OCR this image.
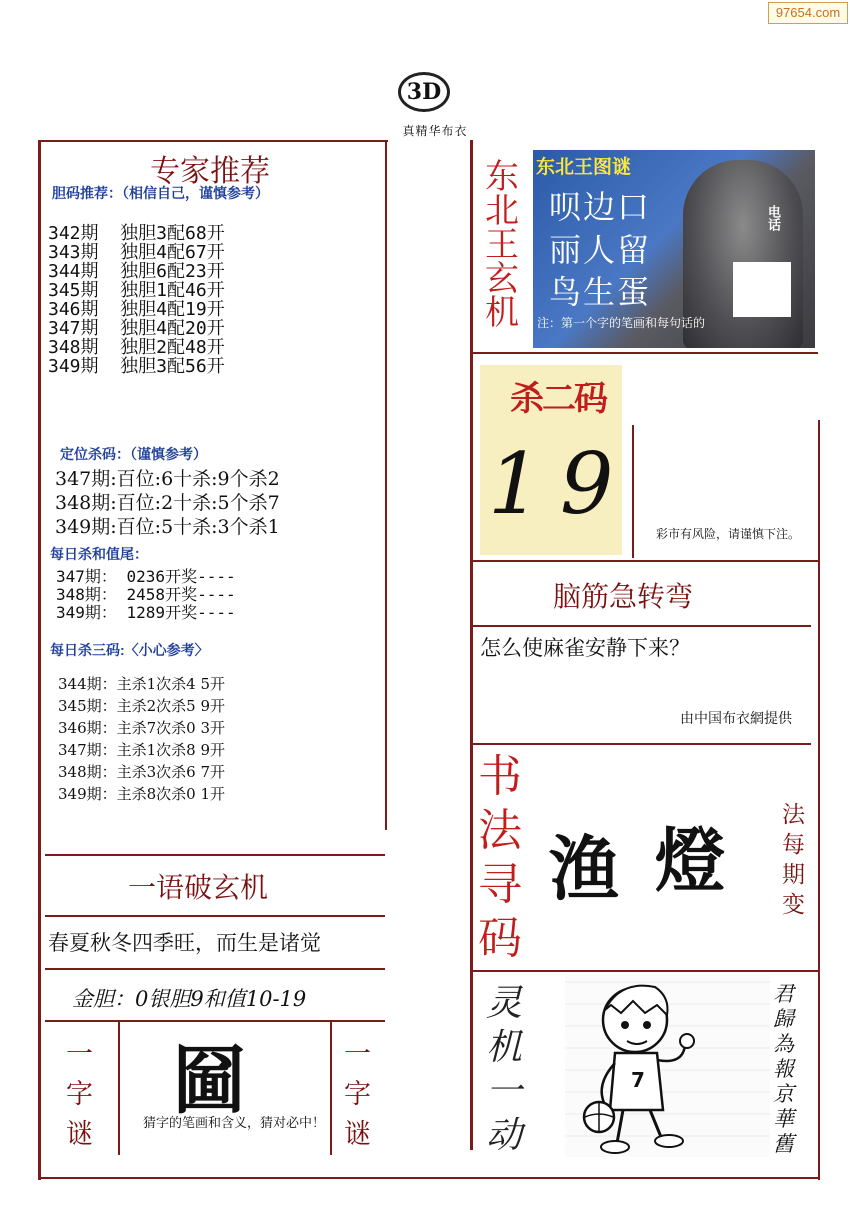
97654.com
3D
真精华布衣
专家推荐
胆码推荐：（相信自己，谨慎参考）
342期  独胆3配68开
343期  独胆4配67开
344期  独胆6配23开
345期  独胆1配46开
346期  独胆4配19开
347期  独胆4配20开
348期  独胆2配48开
349期  独胆3配56开
定位杀码：（谨慎参考）
347期:百位:6十杀:9个杀2
348期:百位:2十杀:5个杀7
349期:百位:5十杀:3个杀1
每日杀和值尾：
347期： 0236开奖----
348期： 2458开奖----
349期： 1289开奖----
每日杀三码:〈小心参考〉
344期：主杀1次杀4 5开
345期：主杀2次杀5 9开
346期：主杀7次杀0 3开
347期：主杀1次杀8 9开
348期：主杀3次杀6 7开
349期：主杀8次杀0 1开
一语破玄机
春夏秋冬四季旺，而生是诸觉
金胆：0银胆9和值10-19
一
字
谜
圙
猜字的笔画和含义，猜对必中！
一
字
谜
东
北
王
玄
机
东北王图谜
呗边口
丽人留
鸟生蛋
电话
注：第一个字的笔画和每句话的
杀二码
1 9
彩市有风险，请谨慎下注。
脑筋急转弯
怎么使麻雀安静下来？
由中国布衣網提供
书
法
寻
码
渔 燈
法
每
期
变
灵
机
一
动
7
君
歸
為
報
京
華
舊
